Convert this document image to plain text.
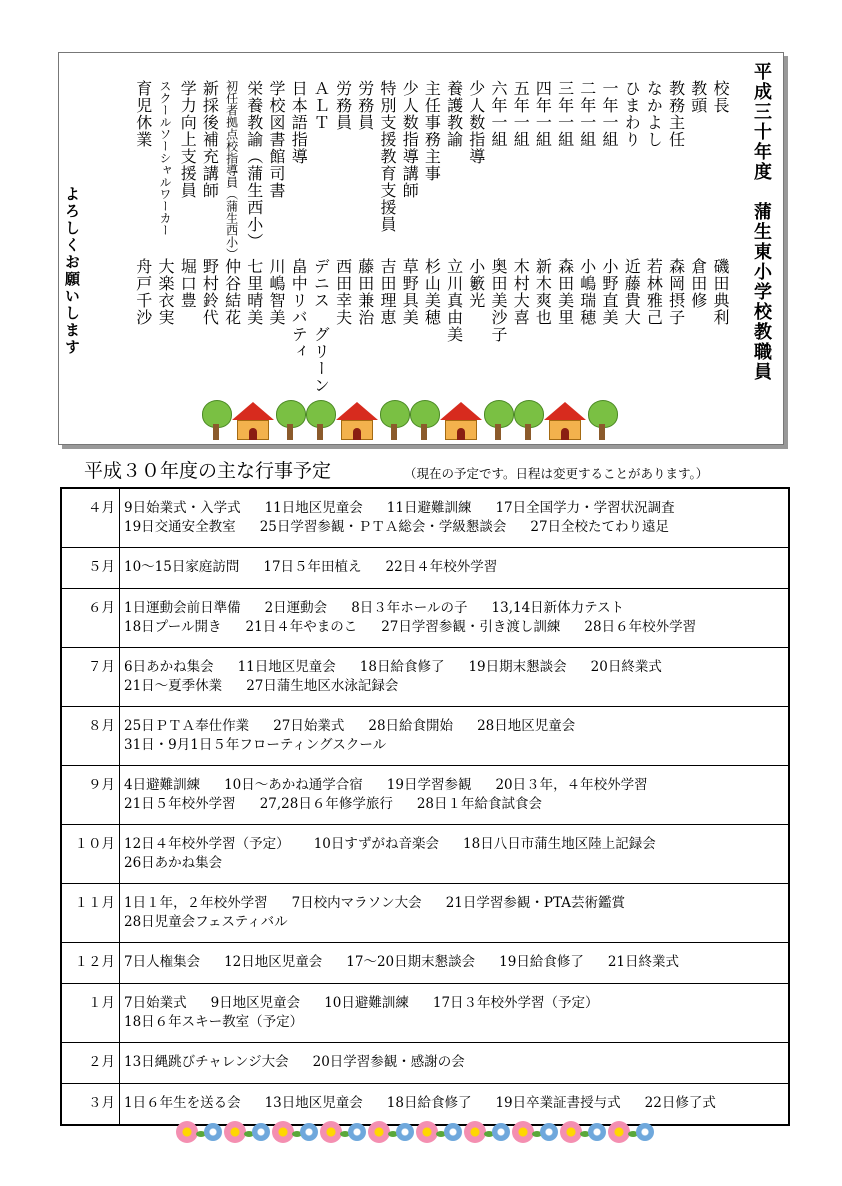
平成三十年度　蒲生東小学校教職員
校長
磯田典利
教頭
倉田修
教務主任
森岡摂子
なかよし
若林雅己
ひまわり
近藤貴大
一年一組
小野直美
二年一組
小嶋瑞穂
三年一組
森田美里
四年一組
新木爽也
五年一組
木村大喜
六年一組
奥田美沙子
少人数指導
小籔光
養護教諭
立川真由美
主任事務主事
杉山美穂
少人数指導講師
草野具美
特別支援教育支援員
吉田理恵
労務員
藤田兼治
労務員
西田幸夫
ＡＬＴ
デニス　グリーン
日本語指導
畠中リバティ
学校図書館司書
川嶋智美
栄養教諭（蒲生西小）
七里晴美
初任者拠点校指導員（蒲生西小）
仲谷結花
新採後補充講師
野村鈴代
学力向上支援員
堀口豊
スクールソーシャルワーカー
大楽衣実
育児休業
舟戸千沙
よろしくお願いします
平成３０年度の主な行事予定	（現在の予定です。日程は変更することがあります。）
４月	9日始業式・入学式 11日地区児童会 11日避難訓練 17日全国学力・学習状況調査
19日交通安全教室 25日学習参観・ＰＴＡ総会・学級懇談会 27日全校たてわり遠足

５月	10～15日家庭訪問 17日５年田植え 22日４年校外学習

６月	1日運動会前日準備 2日運動会 8日３年ホールの子 13,14日新体力テスト
18日プール開き 21日４年やまのこ 27日学習参観・引き渡し訓練 28日６年校外学習

７月	6日あかね集会 11日地区児童会 18日給食修了 19日期末懇談会 20日終業式
21日～夏季休業 27日蒲生地区水泳記録会

８月	25日ＰＴＡ奉仕作業 27日始業式 28日給食開始 28日地区児童会
31日・9月1日５年フローティングスクール

９月	4日避難訓練 10日～あかね通学合宿 19日学習参観 20日３年，４年校外学習
21日５年校外学習 27,28日６年修学旅行 28日１年給食試食会

１０月	12日４年校外学習（予定） 10日すずがね音楽会 18日八日市蒲生地区陸上記録会
26日あかね集会

１１月	1日１年，２年校外学習 7日校内マラソン大会 21日学習参観・PTA芸術鑑賞
28日児童会フェスティバル

１２月	7日人権集会 12日地区児童会 17～20日期末懇談会 19日給食修了 21日終業式

１月	7日始業式 9日地区児童会 10日避難訓練 17日３年校外学習（予定）
18日６年スキー教室（予定）

２月	13日縄跳びチャレンジ大会 20日学習参観・感謝の会

３月	1日６年生を送る会 13日地区児童会 18日給食修了 19日卒業証書授与式 22日修了式
